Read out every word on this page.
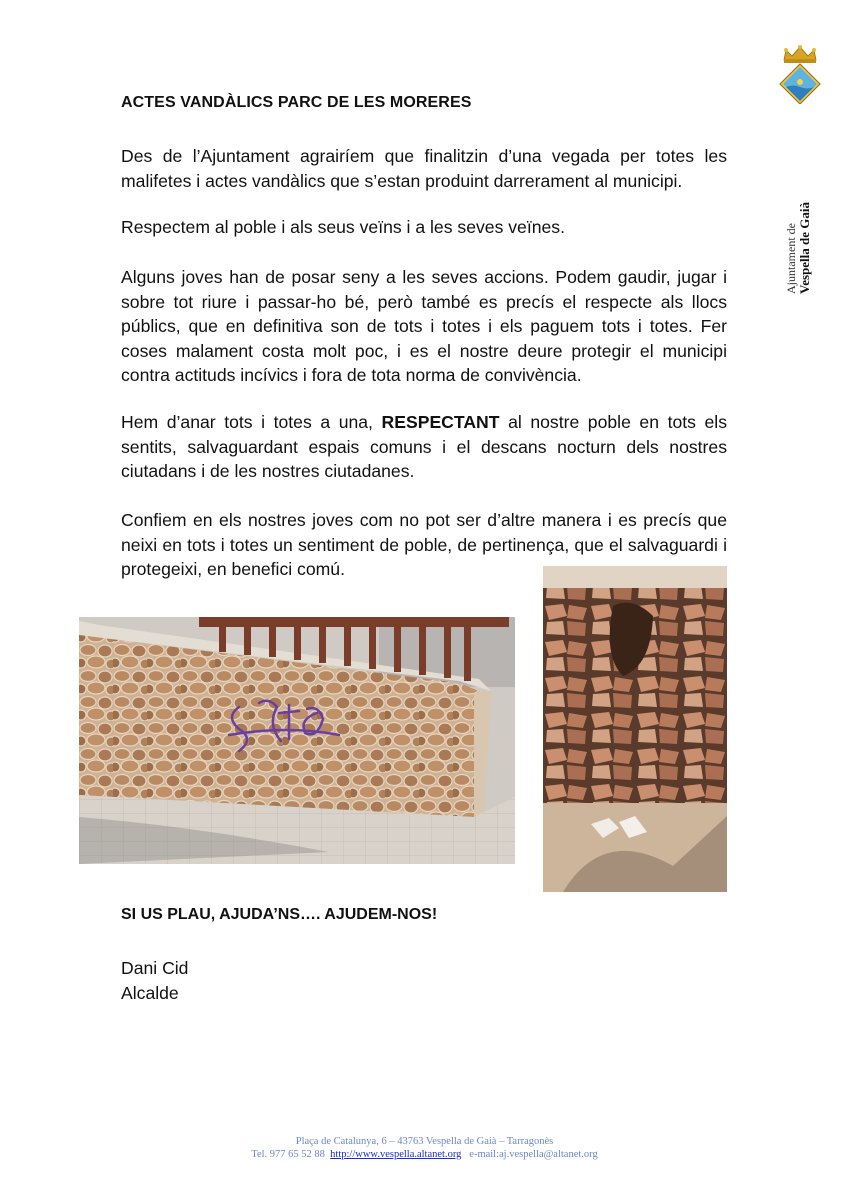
Ajuntament de Vespella de Gaià
ACTES VANDÀLICS PARC DE LES MORERES
Des de l’Ajuntament agrairíem que finalitzin d’una vegada per totes les malifetes i actes vandàlics que s’estan produint darrerament al municipi.
Respectem al poble i als seus veïns i a les seves veïnes.
Alguns joves han de posar seny a les seves accions. Podem gaudir, jugar i sobre tot riure i passar-ho bé, però també es precís el respecte als llocs públics, que en definitiva son de tots i totes i els paguem tots i totes. Fer coses malament costa molt poc, i es el nostre deure protegir el municipi contra actituds incívics i fora de tota norma de convivència.
Hem d’anar tots i totes a una, RESPECTANT al nostre poble en tots els sentits, salvaguardant espais comuns i el descans nocturn dels nostres ciutadans i de les nostres ciutadanes.
Confiem en els nostres joves com no pot ser d’altre manera i es precís que neixi en tots i totes un sentiment de poble, de pertinença, que el salvaguardi i protegeixi, en benefici comú.
SI US PLAU, AJUDA’NS…. AJUDEM-NOS!
Dani Cid
Alcalde
Plaça de Catalunya, 6 – 43763 Vespella de Gaià – Tarragonès
Tel. 977 65 52 88 http://www.vespella.altanet.org e-mail:aj.vespella@altanet.org
